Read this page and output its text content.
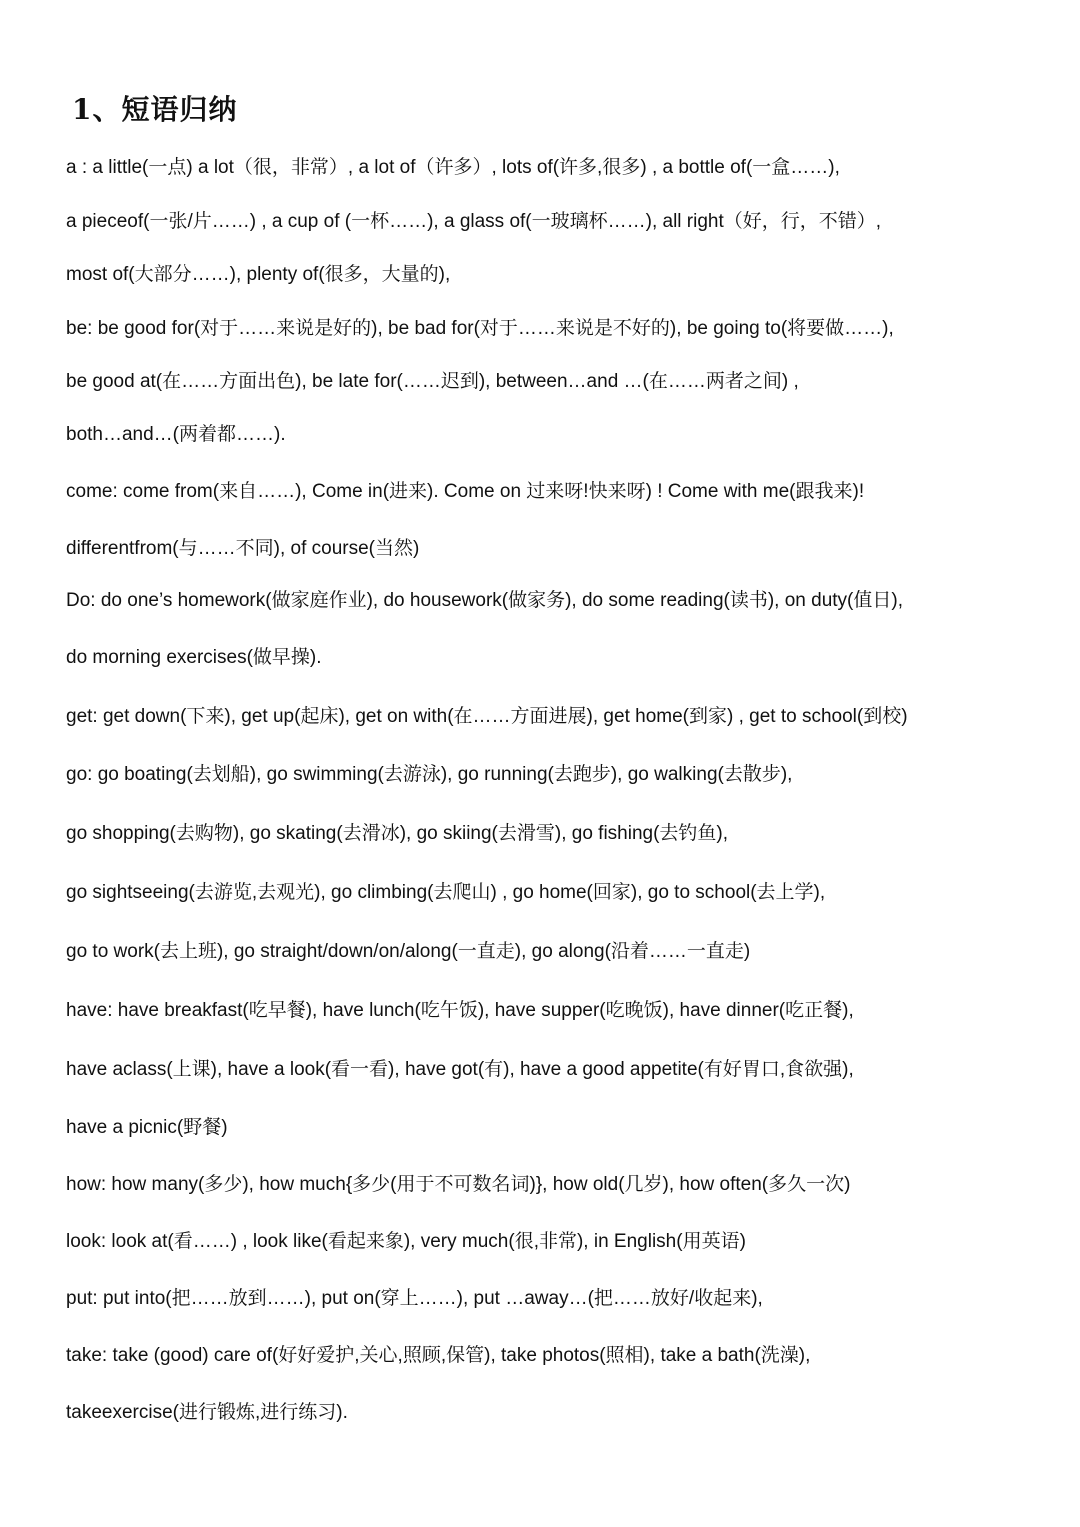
1、短语归纳
a : a little(一点) a lot（很，非常）, a lot of（许多）, lots of(许多,很多) , a bottle of(一盒……),
a pieceof(一张/片……) , a cup of (一杯……), a glass of(一玻璃杯……), all right（好，行，不错）,
most of(大部分……), plenty of(很多，大量的),
be: be good for(对于……来说是好的), be bad for(对于……来说是不好的), be going to(将要做……),
be good at(在……方面出色), be late for(……迟到), between…and …(在……两者之间) ,
both…and…(两着都……).
come: come from(来自……), Come in(进来). Come on 过来呀!快来呀) ! Come with me(跟我来)!
differentfrom(与……不同), of course(当然)
Do: do one’s homework(做家庭作业), do housework(做家务), do some reading(读书), on duty(值日),
do morning exercises(做早操).
get: get down(下来), get up(起床), get on with(在……方面进展), get home(到家) , get to school(到校)
go: go boating(去划船), go swimming(去游泳), go running(去跑步), go walking(去散步),
go shopping(去购物), go skating(去滑冰), go skiing(去滑雪), go fishing(去钓鱼),
go sightseeing(去游览,去观光), go climbing(去爬山) , go home(回家), go to school(去上学),
go to work(去上班), go straight/down/on/along(一直走), go along(沿着……一直走)
have: have breakfast(吃早餐), have lunch(吃午饭), have supper(吃晚饭), have dinner(吃正餐),
have aclass(上课), have a look(看一看), have got(有), have a good appetite(有好胃口,食欲强),
have a picnic(野餐)
how: how many(多少), how much{多少(用于不可数名词)}, how old(几岁), how often(多久一次)
look: look at(看……) , look like(看起来象), very much(很,非常), in English(用英语)
put: put into(把……放到……), put on(穿上……), put …away…(把……放好/收起来),
take: take (good) care of(好好爱护,关心,照顾,保管), take photos(照相), take a bath(洗澡),
takeexercise(进行锻炼,进行练习).
